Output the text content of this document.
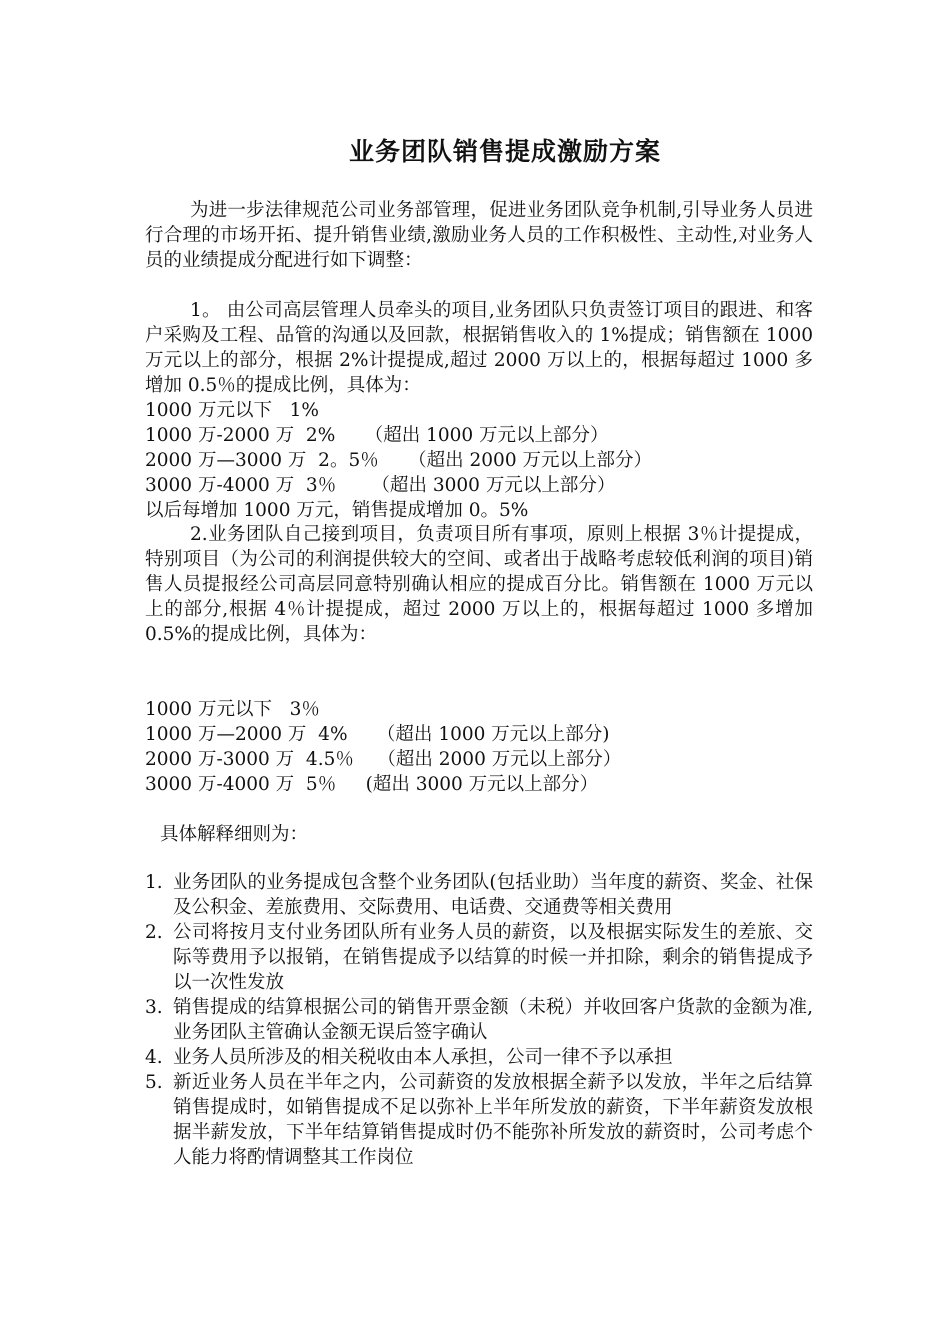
业务团队销售提成激励方案

为进一步法律规范公司业务部管理，促进业务团队竞争机制,引导业务人员进行合理的市场开拓、提升销售业绩,激励业务人员的工作积极性、主动性,对业务人员的业绩提成分配进行如下调整：

1。 由公司高层管理人员牵头的项目,业务团队只负责签订项目的跟进、和客户采购及工程、品管的沟通以及回款，根据销售收入的 1%提成；销售额在 1000 万元以上的部分，根据 2%计提提成,超过 2000 万以上的，根据每超过 1000 多增加 0.5％的提成比例，具体为：

1000 万元以下   1%
1000 万-2000 万  2%     （超出 1000 万元以上部分）
2000 万—3000 万  2。5％     （超出 2000 万元以上部分）
3000 万-4000 万  3％      （超出 3000 万元以上部分）
以后每增加 1000 万元，销售提成增加 0。5%

2.业务团队自己接到项目，负责项目所有事项，原则上根据 3％计提提成，特别项目（为公司的利润提供较大的空间、或者出于战略考虑较低利润的项目)销售人员提报经公司高层同意特别确认相应的提成百分比。销售额在 1000 万元以上的部分,根据 4％计提提成，超过 2000 万以上的，根据每超过 1000 多增加 0.5%的提成比例，具体为：

1000 万元以下   3％
1000 万—2000 万  4%     （超出 1000 万元以上部分)
2000 万-3000 万  4.5％    （超出 2000 万元以上部分）
3000 万-4000 万  5％     (超出 3000 万元以上部分）
具体解释细则为：
1. 业务团队的业务提成包含整个业务团队(包括业助）当年度的薪资、奖金、社保及公积金、差旅费用、交际费用、电话费、交通费等相关费用
2. 公司将按月支付业务团队所有业务人员的薪资，以及根据实际发生的差旅、交际等费用予以报销，在销售提成予以结算的时候一并扣除，剩余的销售提成予以一次性发放
3. 销售提成的结算根据公司的销售开票金额（未税）并收回客户货款的金额为准,业务团队主管确认金额无误后签字确认
4. 业务人员所涉及的相关税收由本人承担，公司一律不予以承担
5. 新近业务人员在半年之内，公司薪资的发放根据全薪予以发放，半年之后结算销售提成时，如销售提成不足以弥补上半年所发放的薪资，下半年薪资发放根据半薪发放，下半年结算销售提成时仍不能弥补所发放的薪资时，公司考虑个人能力将酌情调整其工作岗位
